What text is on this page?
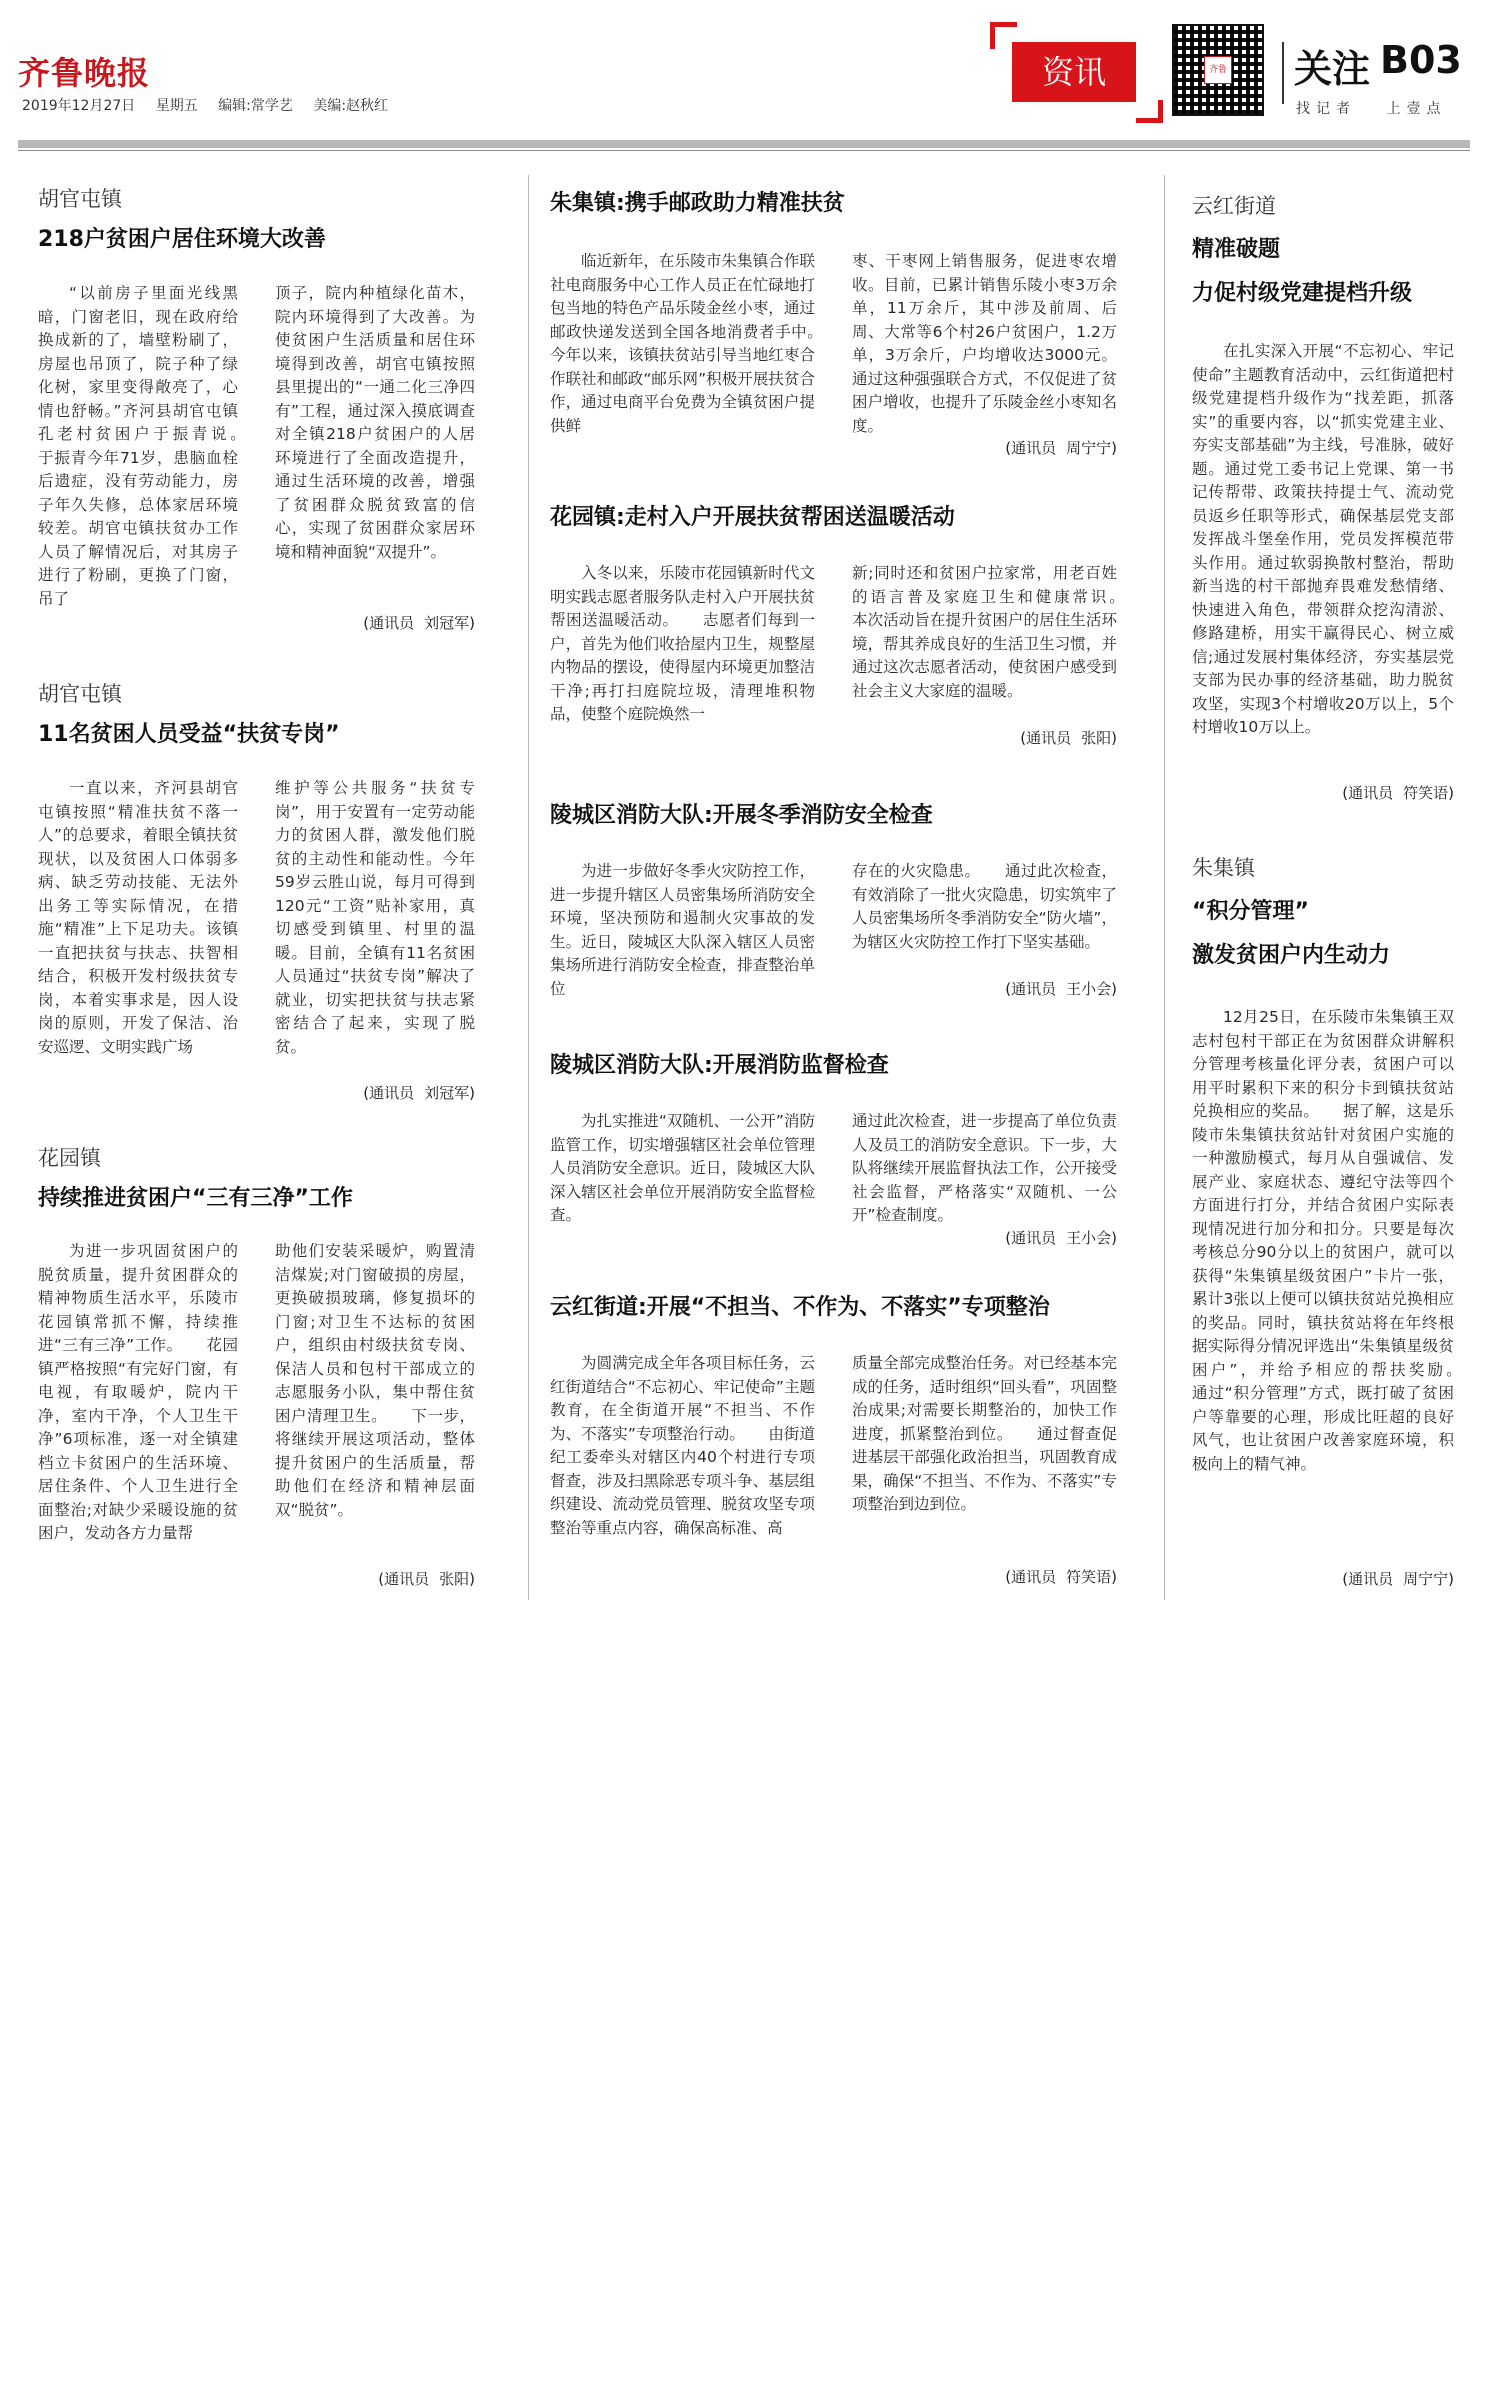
齐鲁晚报
2019年12月27日 星期五 编辑:常学艺 美编:赵秋红
资讯	齐鲁 关注 B03
找记者 上壹点
胡官屯镇
218户贫困户居住环境大改善

“以前房子里面光线黑暗，门窗老旧，现在政府给换成新的了，墙壁粉刷了，房屋也吊顶了，院子种了绿化树，家里变得敞亮了，心情也舒畅。”齐河县胡官屯镇孔老村贫困户于振青说。　　于振青今年71岁，患脑血栓后遗症，没有劳动能力，房子年久失修，总体家居环境较差。胡官屯镇扶贫办工作人员了解情况后，对其房子进行了粉刷，更换了门窗，吊了

顶子，院内种植绿化苗木，院内环境得到了大改善。为使贫困户生活质量和居住环境得到改善，胡官屯镇按照县里提出的“一通二化三净四有”工程，通过深入摸底调查对全镇218户贫困户的人居环境进行了全面改造提升，通过生活环境的改善，增强了贫困群众脱贫致富的信心，实现了贫困群众家居环境和精神面貌“双提升”。

(通讯员 刘冠军)
胡官屯镇
11名贫困人员受益“扶贫专岗”

一直以来，齐河县胡官屯镇按照“精准扶贫不落一人”的总要求，着眼全镇扶贫现状，以及贫困人口体弱多病、缺乏劳动技能、无法外出务工等实际情况，在措施“精准”上下足功夫。该镇一直把扶贫与扶志、扶智相结合，积极开发村级扶贫专岗，本着实事求是，因人设岗的原则，开发了保洁、治安巡逻、文明实践广场

维护等公共服务“扶贫专岗”，用于安置有一定劳动能力的贫困人群，激发他们脱贫的主动性和能动性。今年59岁云胜山说，每月可得到120元“工资”贴补家用，真切感受到镇里、村里的温暖。目前，全镇有11名贫困人员通过“扶贫专岗”解决了就业，切实把扶贫与扶志紧密结合了起来，实现了脱贫。

(通讯员 刘冠军)
花园镇
持续推进贫困户“三有三净”工作

为进一步巩固贫困户的脱贫质量，提升贫困群众的精神物质生活水平，乐陵市花园镇常抓不懈，持续推进“三有三净”工作。　　花园镇严格按照“有完好门窗，有电视，有取暖炉，院内干净，室内干净，个人卫生干净”6项标准，逐一对全镇建档立卡贫困户的生活环境、居住条件、个人卫生进行全面整治;对缺少采暖设施的贫困户，发动各方力量帮

助他们安装采暖炉，购置清洁煤炭;对门窗破损的房屋，更换破损玻璃，修复损坏的门窗;对卫生不达标的贫困户，组织由村级扶贫专岗、保洁人员和包村干部成立的志愿服务小队，集中帮住贫困户清理卫生。　　下一步，将继续开展这项活动，整体提升贫困户的生活质量，帮助他们在经济和精神层面双“脱贫”。

(通讯员 张阳)
朱集镇:携手邮政助力精准扶贫

临近新年，在乐陵市朱集镇合作联社电商服务中心工作人员正在忙碌地打包当地的特色产品乐陵金丝小枣，通过邮政快递发送到全国各地消费者手中。　　今年以来，该镇扶贫站引导当地红枣合作联社和邮政“邮乐网”积极开展扶贫合作，通过电商平台免费为全镇贫困户提供鲜

枣、干枣网上销售服务，促进枣农增收。目前，已累计销售乐陵小枣3万余单，11万余斤，其中涉及前周、后周、大常等6个村26户贫困户，1.2万单，3万余斤，户均增收达3000元。通过这种强强联合方式，不仅促进了贫困户增收，也提升了乐陵金丝小枣知名度。

(通讯员 周宁宁)
花园镇:走村入户开展扶贫帮困送温暖活动

入冬以来，乐陵市花园镇新时代文明实践志愿者服务队走村入户开展扶贫帮困送温暖活动。　　志愿者们每到一户，首先为他们收拾屋内卫生，规整屋内物品的摆设，使得屋内环境更加整洁干净;再打扫庭院垃圾，清理堆积物品，使整个庭院焕然一

新;同时还和贫困户拉家常，用老百姓的语言普及家庭卫生和健康常识。　　本次活动旨在提升贫困户的居住生活环境，帮其养成良好的生活卫生习惯，并通过这次志愿者活动，使贫困户感受到社会主义大家庭的温暖。

(通讯员 张阳)
陵城区消防大队:开展冬季消防安全检查

为进一步做好冬季火灾防控工作，进一步提升辖区人员密集场所消防安全环境，坚决预防和遏制火灾事故的发生。近日，陵城区大队深入辖区人员密集场所进行消防安全检查，排查整治单位

存在的火灾隐患。　　通过此次检查，有效消除了一批火灾隐患，切实筑牢了人员密集场所冬季消防安全“防火墙”，为辖区火灾防控工作打下坚实基础。

(通讯员 王小会)
陵城区消防大队:开展消防监督检查

为扎实推进“双随机、一公开”消防监管工作，切实增强辖区社会单位管理人员消防安全意识。近日，陵城区大队深入辖区社会单位开展消防安全监督检查。

通过此次检查，进一步提高了单位负责人及员工的消防安全意识。下一步，大队将继续开展监督执法工作，公开接受社会监督，严格落实“双随机、一公开”检查制度。

(通讯员 王小会)
云红街道:开展“不担当、不作为、不落实”专项整治

为圆满完成全年各项目标任务，云红街道结合“不忘初心、牢记使命”主题教育，在全街道开展“不担当、不作为、不落实”专项整治行动。　　由街道纪工委牵头对辖区内40个村进行专项督查，涉及扫黑除恶专项斗争、基层组织建设、流动党员管理、脱贫攻坚专项整治等重点内容，确保高标准、高

质量全部完成整治任务。对已经基本完成的任务，适时组织“回头看”，巩固整治成果;对需要长期整治的，加快工作进度，抓紧整治到位。　　通过督查促进基层干部强化政治担当，巩固教育成果，确保“不担当、不作为、不落实”专项整治到边到位。

(通讯员 符笑语)
云红街道
精准破题
力促村级党建提档升级

在扎实深入开展“不忘初心、牢记使命”主题教育活动中，云红街道把村级党建提档升级作为“找差距，抓落实”的重要内容，以“抓实党建主业、夯实支部基础”为主线，号准脉，破好题。通过党工委书记上党课、第一书记传帮带、政策扶持提士气、流动党员返乡任职等形式，确保基层党支部发挥战斗堡垒作用，党员发挥模范带头作用。通过软弱换散村整治，帮助新当选的村干部抛弃畏难发愁情绪、快速进入角色，带领群众挖沟清淤、修路建桥，用实干赢得民心、树立威信;通过发展村集体经济，夯实基层党支部为民办事的经济基础，助力脱贫攻坚，实现3个村增收20万以上，5个村增收10万以上。

(通讯员 符笑语)
朱集镇
“积分管理”
激发贫困户内生动力

12月25日，在乐陵市朱集镇王双志村包村干部正在为贫困群众讲解积分管理考核量化评分表，贫困户可以用平时累积下来的积分卡到镇扶贫站兑换相应的奖品。　　据了解，这是乐陵市朱集镇扶贫站针对贫困户实施的一种激励模式，每月从自强诚信、发展产业、家庭状态、遵纪守法等四个方面进行打分，并结合贫困户实际表现情况进行加分和扣分。只要是每次考核总分90分以上的贫困户，就可以获得“朱集镇星级贫困户”卡片一张，累计3张以上便可以镇扶贫站兑换相应的奖品。同时，镇扶贫站将在年终根据实际得分情况评选出“朱集镇星级贫困户”，并给予相应的帮扶奖励。　　通过“积分管理”方式，既打破了贫困户等靠要的心理，形成比旺超的良好风气，也让贫困户改善家庭环境，积极向上的精气神。

(通讯员 周宁宁)
